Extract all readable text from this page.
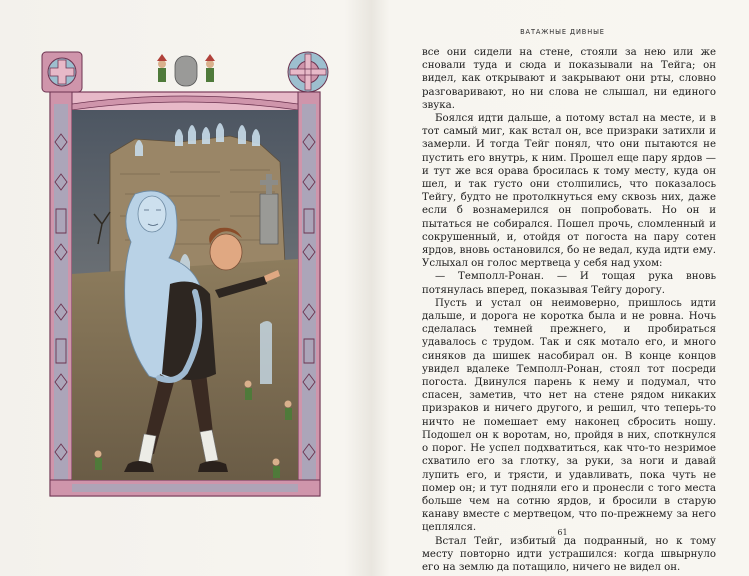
ВАТАЖНЫЕ ДИВНЫЕ

все они сидели на стене, стояли за нею или же сновали туда и сюда и показывали на Тейга; он видел, как открывают и закрывают они рты, словно разговаривают, но ни слова не слышал, ни единого звука.

Боялся идти дальше, а потому встал на месте, и в тот самый миг, как встал он, все призраки затихли и замерли. И тогда Тейг понял, что они пытаются не пустить его внутрь, к ним. Прошел еще пару ярдов — и тут же вся орава бросилась к тому месту, куда он шел, и так густо они столпились, что показалось Тейгу, будто не протолкнуться ему сквозь них, даже если б вознамерился он попробовать. Но он и пытаться не собирался. Пошел прочь, сломленный и сокрушенный, и, отойдя от погоста на пару сотен ярдов, вновь остановился, бо не ведал, куда идти ему. Услыхал он голос мертвеца у себя над ухом:

— Темполл-Ронан. — И тощая рука вновь потянулась вперед, показывая Тейгу дорогу.

Пусть и устал он неимоверно, пришлось идти дальше, и дорога не коротка была и не ровна. Ночь сделалась темней прежнего, и пробираться удавалось с трудом. Так и сяк мотало его, и много синяков да шишек насобирал он. В конце концов увидел вдалеке Темполл-Ронан, стоял тот посреди погоста. Двинулся парень к нему и подумал, что спасен, заметив, что нет на стене рядом никаких призраков и ничего другого, и решил, что теперь-то ничто не помешает ему наконец сбросить ношу. Подошел он к воротам, но, пройдя в них, споткнулся о порог. Не успел подхватиться, как что-то незримое схватило его за глотку, за руки, за ноги и давай лупить его, и трясти, и удавливать, пока чуть не помер он; и тут подняли его и пронесли с того места больше чем на сотню ярдов, и бросили в старую канаву вместе с мертвецом, что по-прежнему за него цеплялся.

Встал Тейг, избитый да подранный, но к тому месту повторно идти устрашился: когда швырнуло его на землю да потащило, ничего не видел он.

61
